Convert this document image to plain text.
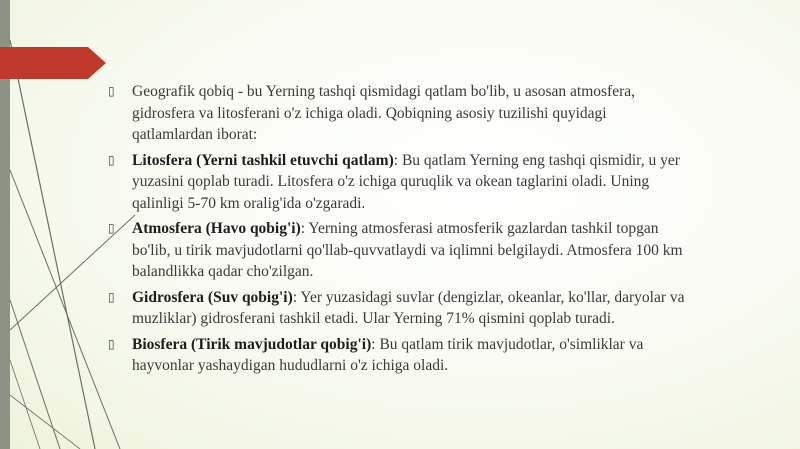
▯ Geografik qobiq - bu Yerning tashqi qismidagi qatlam bo'lib, u asosan atmosfera, gidrosfera va litosferani o'z ichiga oladi. Qobiqning asosiy tuzilishi quyidagi qatlamlardan iborat:
▯ Litosfera (Yerni tashkil etuvchi qatlam): Bu qatlam Yerning eng tashqi qismidir, u yer yuzasini qoplab turadi. Litosfera o'z ichiga quruqlik va okean taglarini oladi. Uning qalinligi 5-70 km oralig'ida o'zgaradi.
▯ Atmosfera (Havo qobig'i): Yerning atmosferasi atmosferik gazlardan tashkil topgan bo'lib, u tirik mavjudotlarni qo'llab-quvvatlaydi va iqlimni belgilaydi. Atmosfera 100 km balandlikka qadar cho'zilgan.
▯ Gidrosfera (Suv qobig'i): Yer yuzasidagi suvlar (dengizlar, okeanlar, ko'llar, daryolar va muzliklar) gidrosferani tashkil etadi. Ular Yerning 71% qismini qoplab turadi.
▯ Biosfera (Tirik mavjudotlar qobig'i): Bu qatlam tirik mavjudotlar, o'simliklar va hayvonlar yashaydigan hududlarni o'z ichiga oladi.
